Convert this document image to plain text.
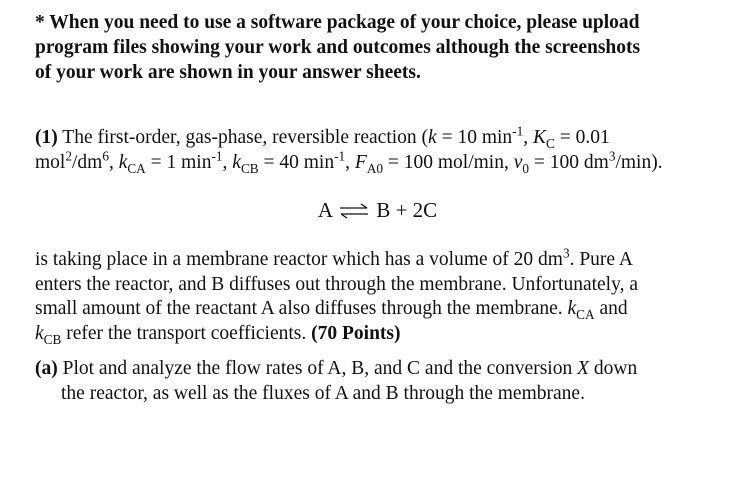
* When you need to use a software package of your choice, please upload
program files showing your work and outcomes although the screenshots
of your work are shown in your answer sheets.
(1) The first-order, gas-phase, reversible reaction (k = 10 $\min^{-1}$, $K_C = 0.01$
$mol^2/dm^6$, $k_{CA} = 1$ $\min^{-1}$, $k_{CB} = 40$ $\min^{-1}$, $F_{A0} = 100$ mol/min, $v_0 = 100$ $dm^3/\min$).
A ⇌ B + 2C
is taking place in a membrane reactor which has a volume of 20 $dm^3$. Pure A
enters the reactor, and B diffuses out through the membrane. Unfortunately, a
small amount of the reactant A also diffuses through the membrane. $k_{CA}$ and
$k_{CB}$ refer the transport coefficients. (70 Points)
(a) Plot and analyze the flow rates of A, B, and C and the conversion X down
the reactor, as well as the fluxes of A and B through the membrane.
